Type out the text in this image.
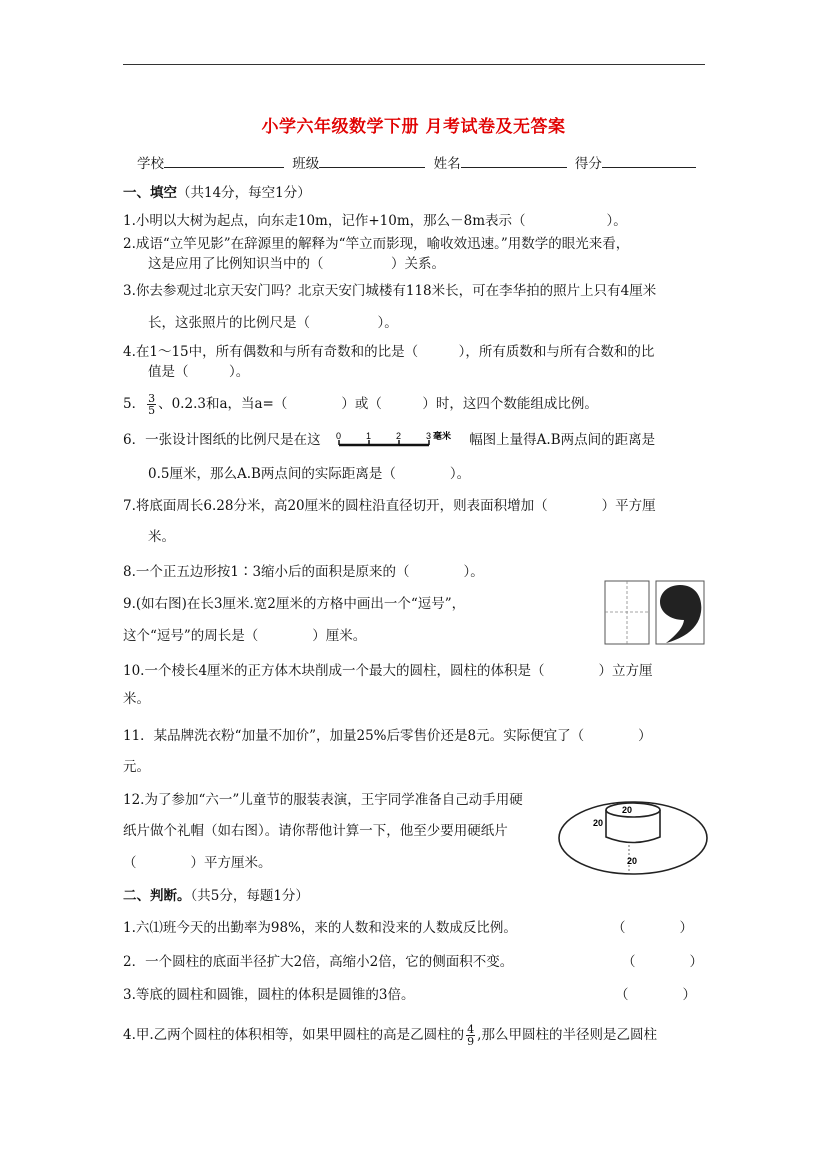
小学六年级数学下册 月考试卷及无答案
学校	班级	姓名	得分
一、填空（共14分，每空1分）
1.小明以大树为起点，向东走10m，记作+10m，那么－8m表示（　　　　　　）。
2.成语“立竿见影”在辞源里的解释为“竿立而影现，喻收效迅速。”用数学的眼光来看，
这是应用了比例知识当中的（　　　　　）关系。
3.你去参观过北京天安门吗？北京天安门城楼有118米长，可在李华拍的照片上只有4厘米
长，这张照片的比例尺是（　　　　　）。
4.在1～15中，所有偶数和与所有奇数和的比是（　　　），所有质数和与所有合数和的比
值是（　　　）。
5． $\frac{3}{5}$ 、0.2.3和a，当a=（　　　　）或（　　　）时，这四个数能组成比例。
6．一张设计图纸的比例尺是在这 0	1	2	3 毫米 幅图上量得A.B两点间的距离是
0.5厘米，那么A.B两点间的实际距离是（　　　　）。
7.将底面周长6.28分米，高20厘米的圆柱沿直径切开，则表面积增加（　　　　）平方厘
米。
8.一个正五边形按1∶3缩小后的面积是原来的（　　　　）。
9.(如右图)在长3厘米.宽2厘米的方格中画出一个“逗号”，
这个“逗号”的周长是（　　　　）厘米。
10.一个棱长4厘米的正方体木块削成一个最大的圆柱，圆柱的体积是（　　　　）立方厘
米。
11．某品牌洗衣粉“加量不加价”，加量25%后零售价还是8元。实际便宜了（　　　　）
元。
12.为了参加“六一”儿童节的服装表演，王宇同学准备自己动手用硬
纸片做个礼帽（如右图）。请你帮他计算一下，他至少要用硬纸片
（　　　　）平方厘米。
20
20
20
二、判断。（共5分，每题1分）
1.六⑴班今天的出勤率为98%，来的人数和没来的人数成反比例。	（　　　　）
2．一个圆柱的底面半径扩大2倍，高缩小2倍，它的侧面积不变。	（　　　　）
3.等底的圆柱和圆锥，圆柱的体积是圆锥的3倍。	（　　　　）
4.甲.乙两个圆柱的体积相等，如果甲圆柱的高是乙圆柱的 $\frac{4}{9}$ ,那么甲圆柱的半径则是乙圆柱
